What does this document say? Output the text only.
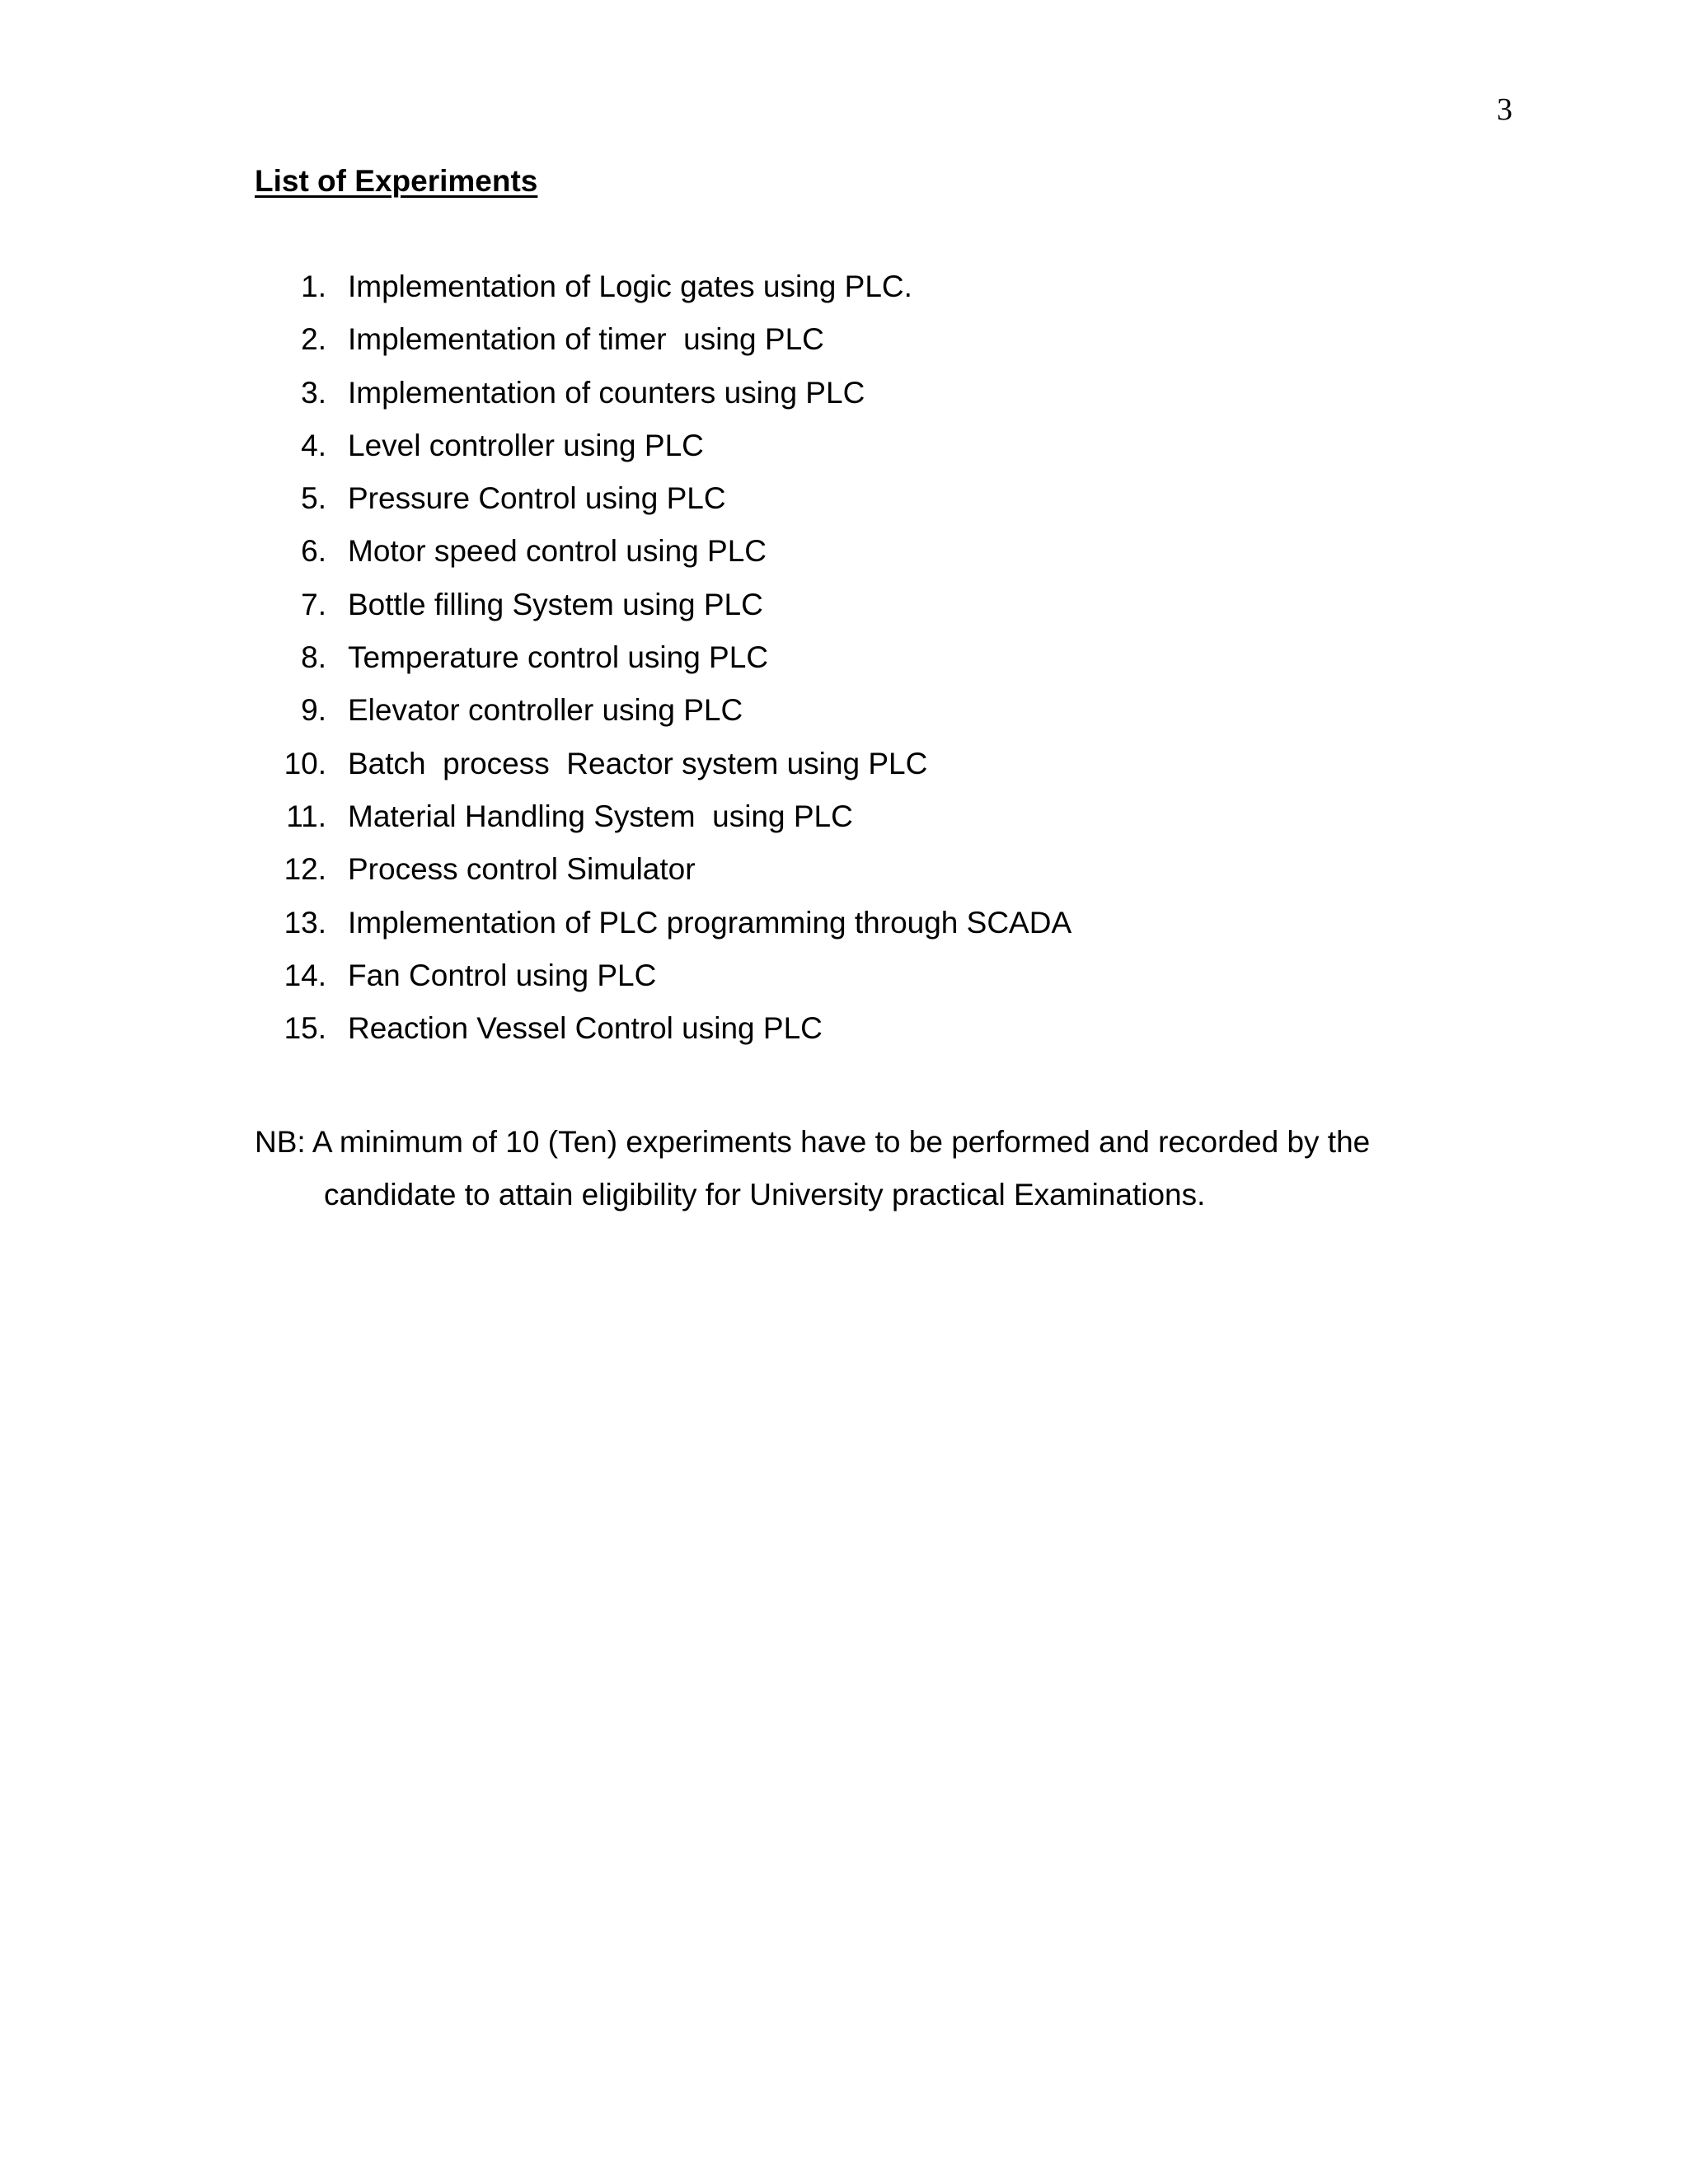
3
List of Experiments
1. Implementation of Logic gates using PLC.
2. Implementation of timer  using PLC
3. Implementation of counters using PLC
4. Level controller using PLC
5. Pressure Control using PLC
6. Motor speed control using PLC
7. Bottle filling System using PLC
8. Temperature control using PLC
9. Elevator controller using PLC
10. Batch  process  Reactor system using PLC
11. Material Handling System  using PLC
12. Process control Simulator
13. Implementation of PLC programming through SCADA
14. Fan Control using PLC
15. Reaction Vessel Control using PLC

NB: A minimum of 10 (Ten) experiments have to be performed and recorded by the
candidate to attain eligibility for University practical Examinations.
